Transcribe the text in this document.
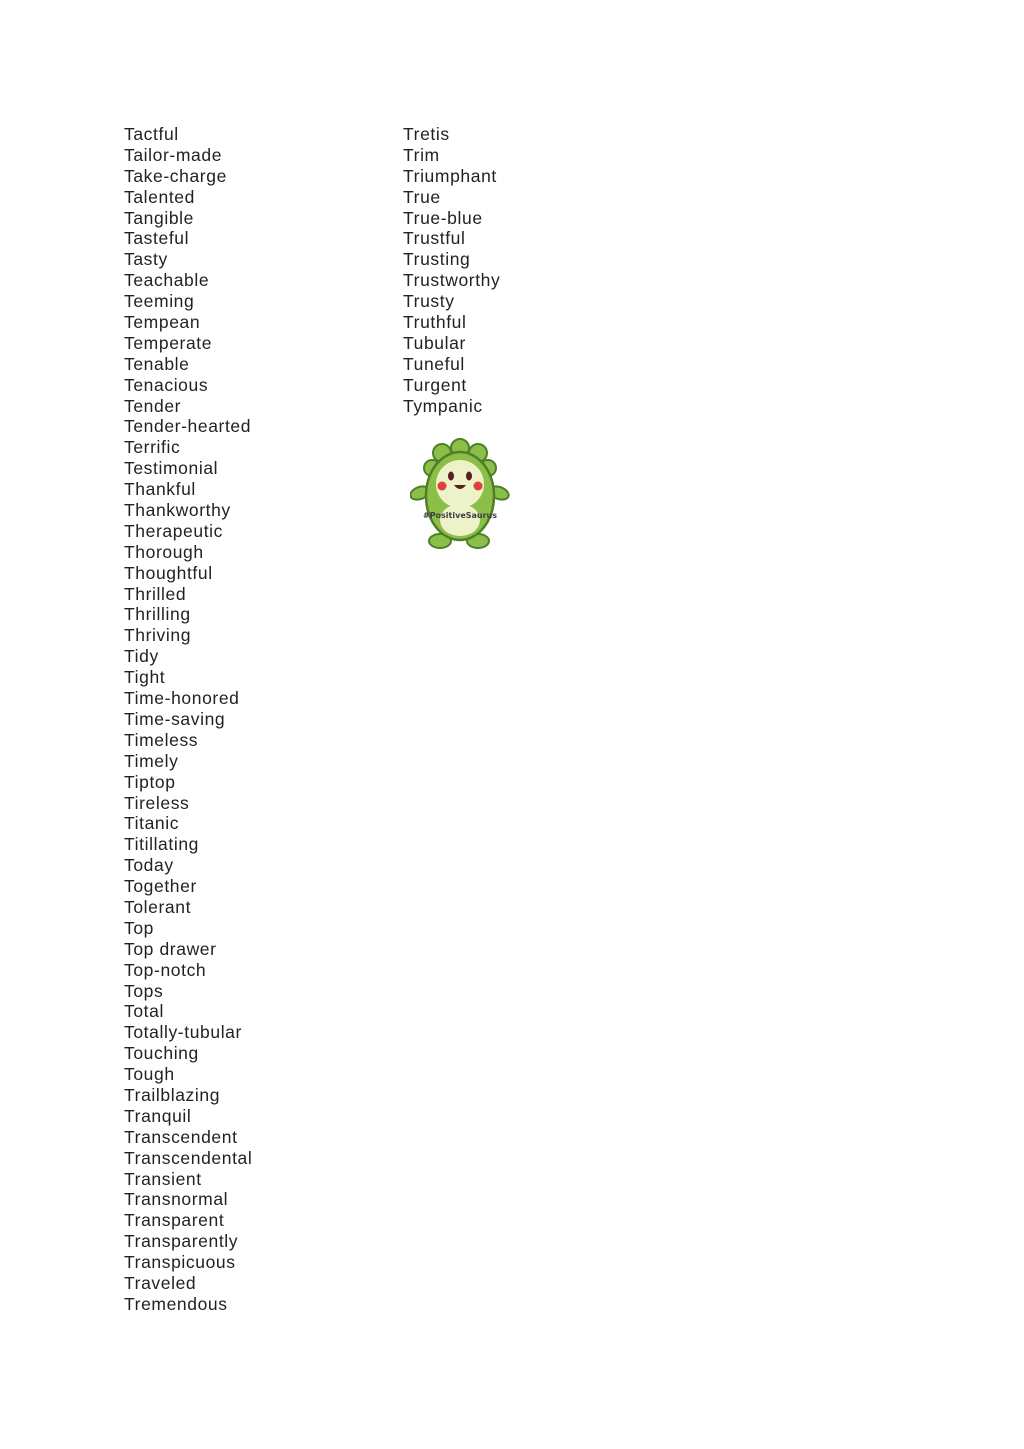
Tactful
Tailor-made
Take-charge
Talented
Tangible
Tasteful
Tasty
Teachable
Teeming
Tempean
Temperate
Tenable
Tenacious
Tender
Tender-hearted
Terrific
Testimonial
Thankful
Thankworthy
Therapeutic
Thorough
Thoughtful
Thrilled
Thrilling
Thriving
Tidy
Tight
Time-honored
Time-saving
Timeless
Timely
Tiptop
Tireless
Titanic
Titillating
Today
Together
Tolerant
Top
Top drawer
Top-notch
Tops
Total
Totally-tubular
Touching
Tough
Trailblazing
Tranquil
Transcendent
Transcendental
Transient
Transnormal
Transparent
Transparently
Transpicuous
Traveled
Tremendous
Tretis
Trim
Triumphant
True
True-blue
Trustful
Trusting
Trustworthy
Trusty
Truthful
Tubular
Tuneful
Turgent
Tympanic
#PositiveSaurus
